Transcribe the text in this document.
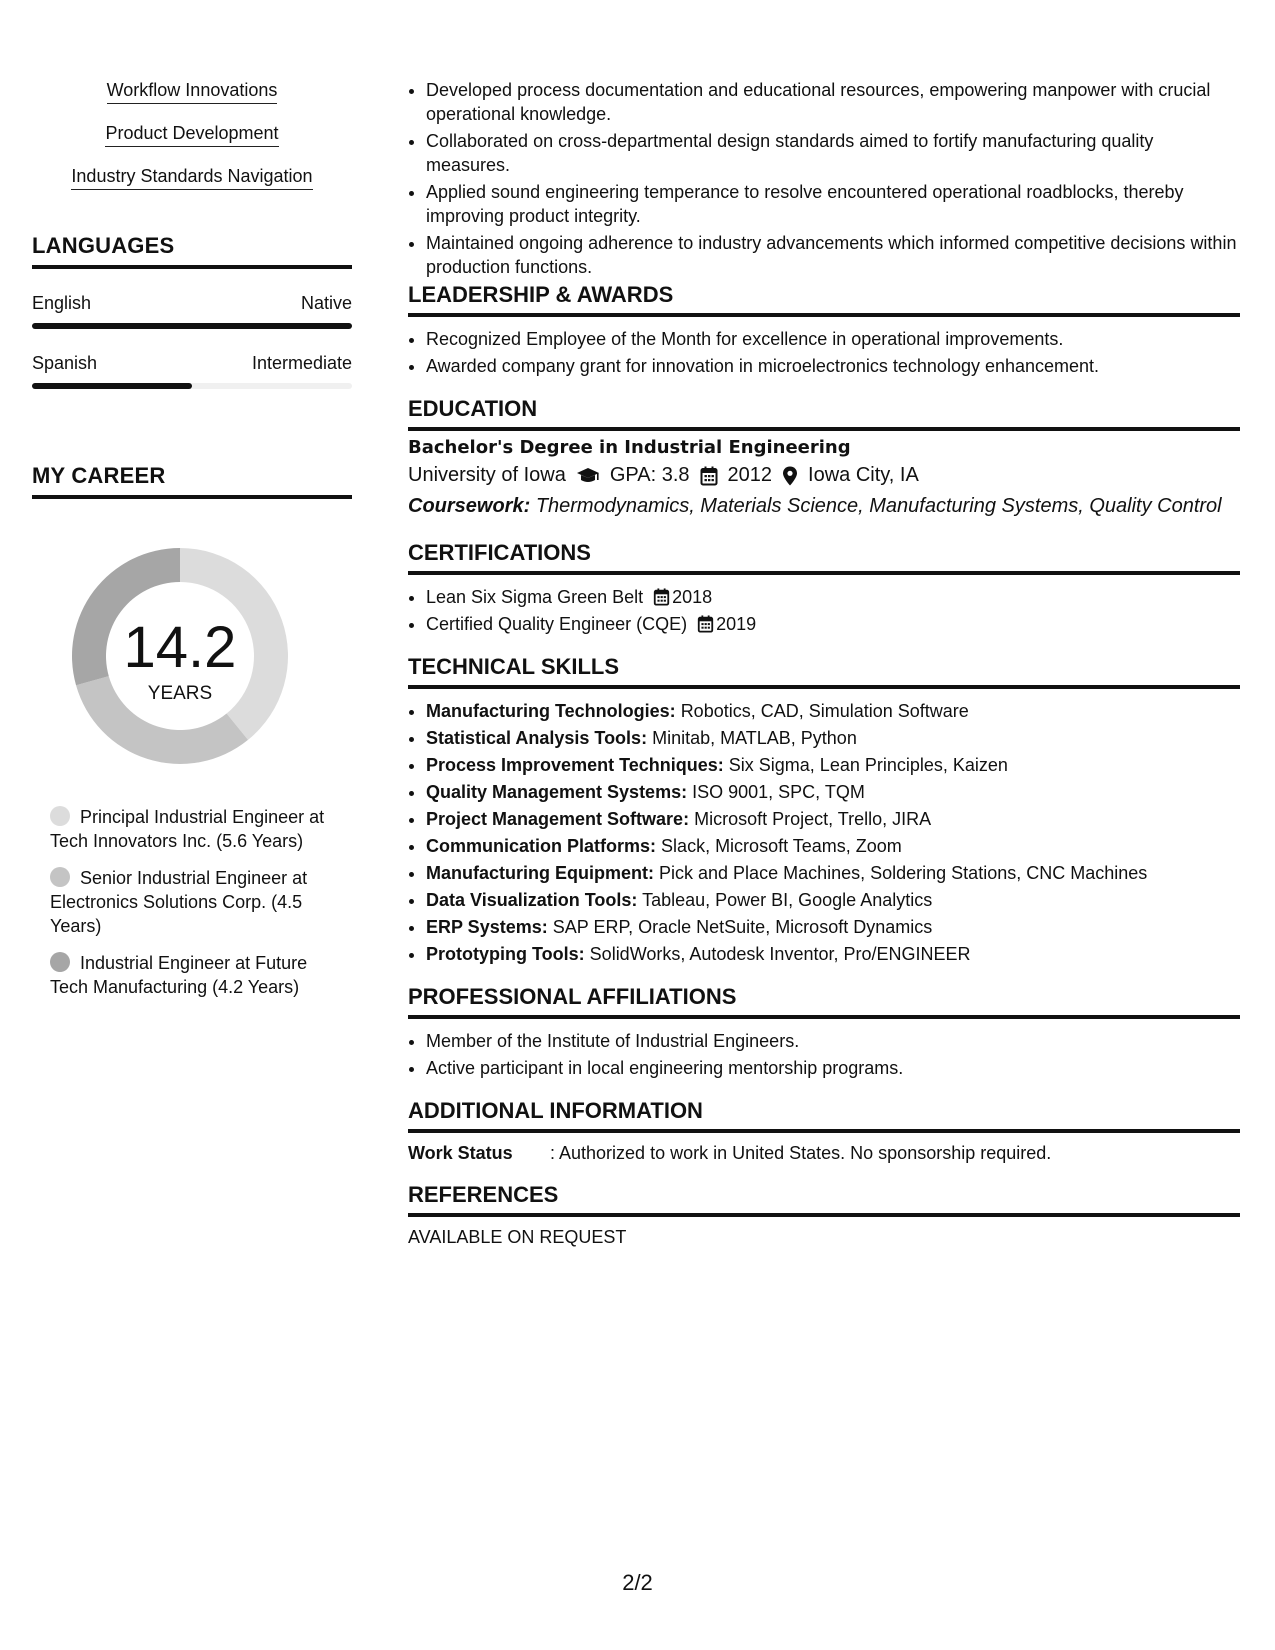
Workflow Innovations
Product Development
Industry Standards Navigation
LANGUAGES
English	Native
Spanish	Intermediate
MY CAREER
14.2
YEARS
Principal Industrial Engineer at Tech Innovators Inc. (5.6 Years)
Senior Industrial Engineer at Electronics Solutions Corp. (4.5 Years)
Industrial Engineer at Future Tech Manufacturing (4.2 Years)
• Developed process documentation and educational resources, empowering manpower with crucial operational knowledge.
• Collaborated on cross-departmental design standards aimed to fortify manufacturing quality measures.
• Applied sound engineering temperance to resolve encountered operational roadblocks, thereby improving product integrity.
• Maintained ongoing adherence to industry advancements which informed competitive decisions within production functions.
LEADERSHIP & AWARDS
• Recognized Employee of the Month for excellence in operational improvements.
• Awarded company grant for innovation in microelectronics technology enhancement.
EDUCATION
Bachelor's Degree in Industrial Engineering
University of Iowa GPA: 3.8 2012 Iowa City, IA
Coursework: Thermodynamics, Materials Science, Manufacturing Systems, Quality Control
CERTIFICATIONS
• Lean Six Sigma Green Belt 2018
• Certified Quality Engineer (CQE) 2019
TECHNICAL SKILLS
• Manufacturing Technologies: Robotics, CAD, Simulation Software
• Statistical Analysis Tools: Minitab, MATLAB, Python
• Process Improvement Techniques: Six Sigma, Lean Principles, Kaizen
• Quality Management Systems: ISO 9001, SPC, TQM
• Project Management Software: Microsoft Project, Trello, JIRA
• Communication Platforms: Slack, Microsoft Teams, Zoom
• Manufacturing Equipment: Pick and Place Machines, Soldering Stations, CNC Machines
• Data Visualization Tools: Tableau, Power BI, Google Analytics
• ERP Systems: SAP ERP, Oracle NetSuite, Microsoft Dynamics
• Prototyping Tools: SolidWorks, Autodesk Inventor, Pro/ENGINEER
PROFESSIONAL AFFILIATIONS
• Member of the Institute of Industrial Engineers.
• Active participant in local engineering mentorship programs.
ADDITIONAL INFORMATION
Work Status	: Authorized to work in United States. No sponsorship required.
REFERENCES
AVAILABLE ON REQUEST
2/2
